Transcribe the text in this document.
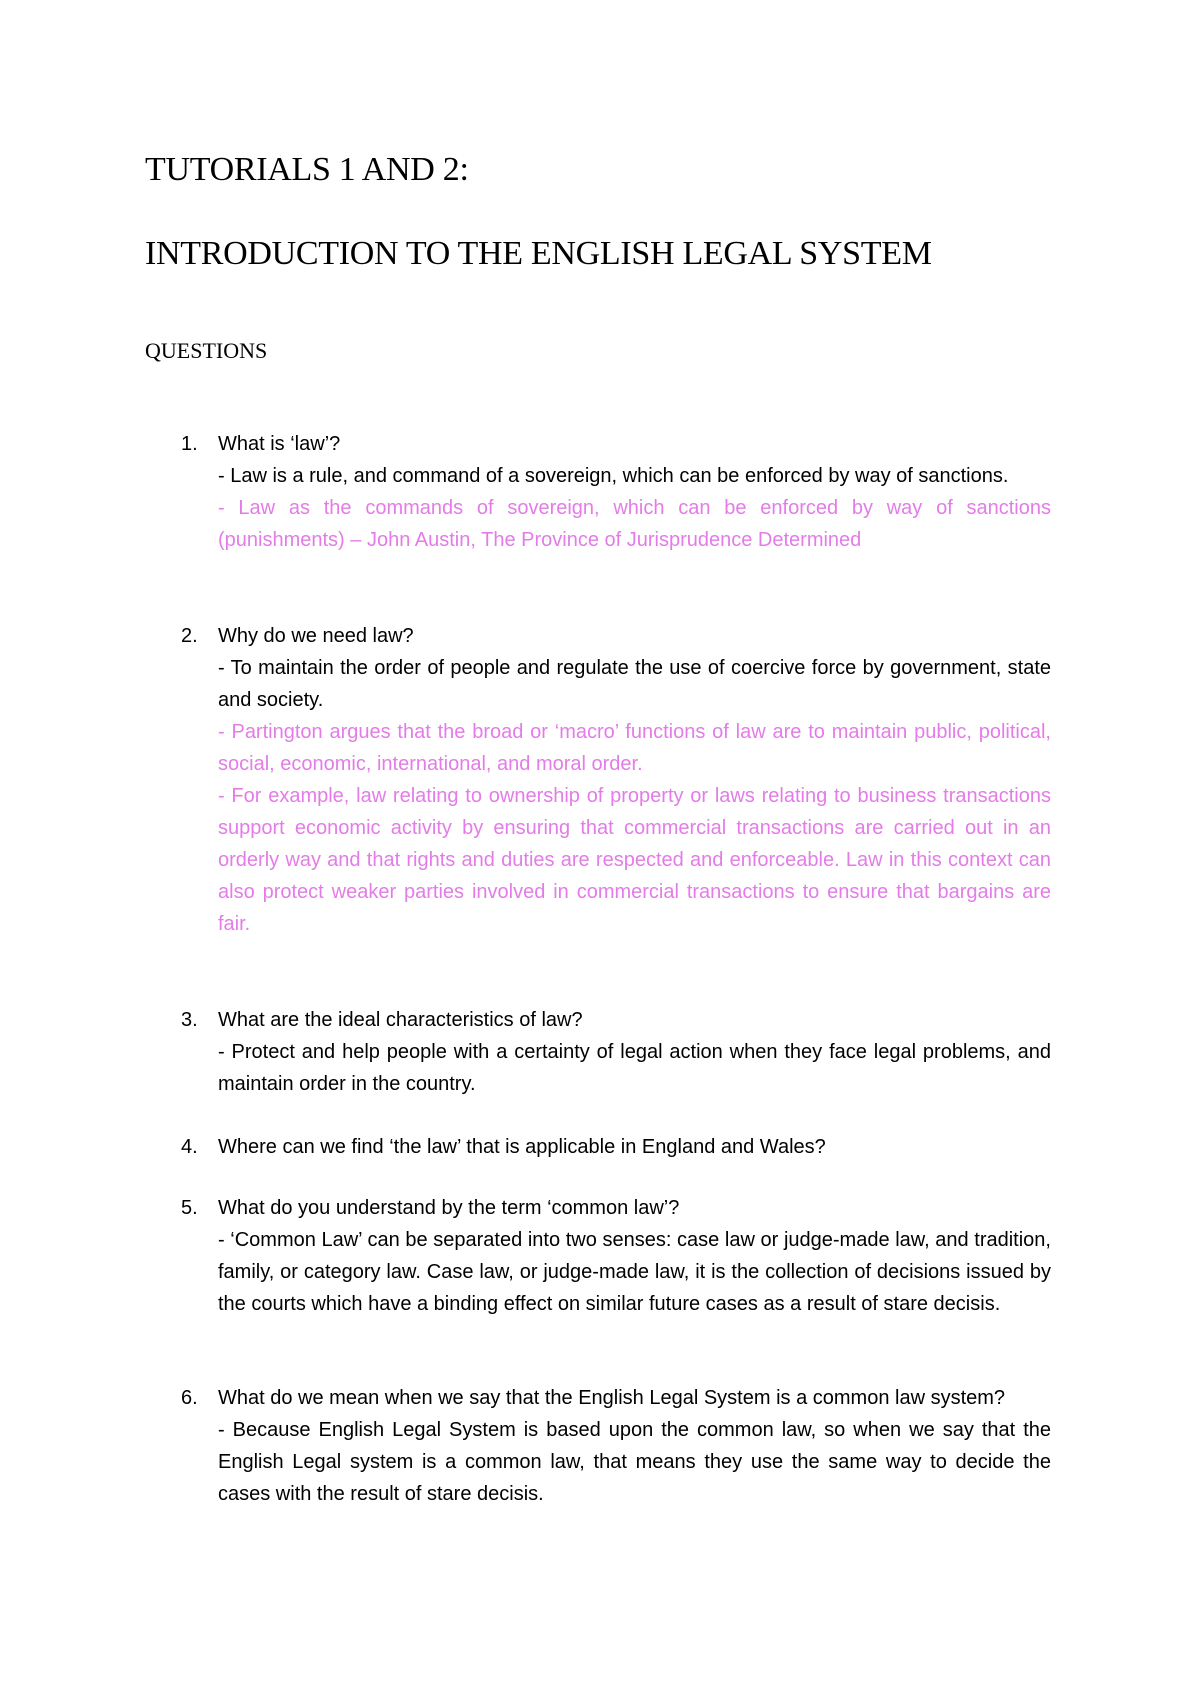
TUTORIALS 1 AND 2:
INTRODUCTION TO THE ENGLISH LEGAL SYSTEM
QUESTIONS
1.	What is ‘law’?
- Law is a rule, and command of a sovereign, which can be enforced by way of sanctions.
- Law as the commands of sovereign, which can be enforced by way of sanctions (punishments) – John Austin, The Province of Jurisprudence Determined
2.	Why do we need law?
- To maintain the order of people and regulate the use of coercive force by government, state and society.
- Partington argues that the broad or ‘macro’ functions of law are to maintain public, political, social, economic, international, and moral order.
- For example, law relating to ownership of property or laws relating to business transactions support economic activity by ensuring that commercial transactions are carried out in an orderly way and that rights and duties are respected and enforceable. Law in this context can also protect weaker parties involved in commercial transactions to ensure that bargains are fair.
3.	What are the ideal characteristics of law?
- Protect and help people with a certainty of legal action when they face legal problems, and maintain order in the country.
4.	Where can we find ‘the law’ that is applicable in England and Wales?
5.	What do you understand by the term ‘common law’?
- ‘Common Law’ can be separated into two senses: case law or judge-made law, and tradition, family, or category law. Case law, or judge-made law, it is the collection of decisions issued by the courts which have a binding effect on similar future cases as a result of stare decisis.
6.	What do we mean when we say that the English Legal System is a common law system?
- Because English Legal System is based upon the common law, so when we say that the English Legal system is a common law, that means they use the same way to decide the cases with the result of stare decisis.
